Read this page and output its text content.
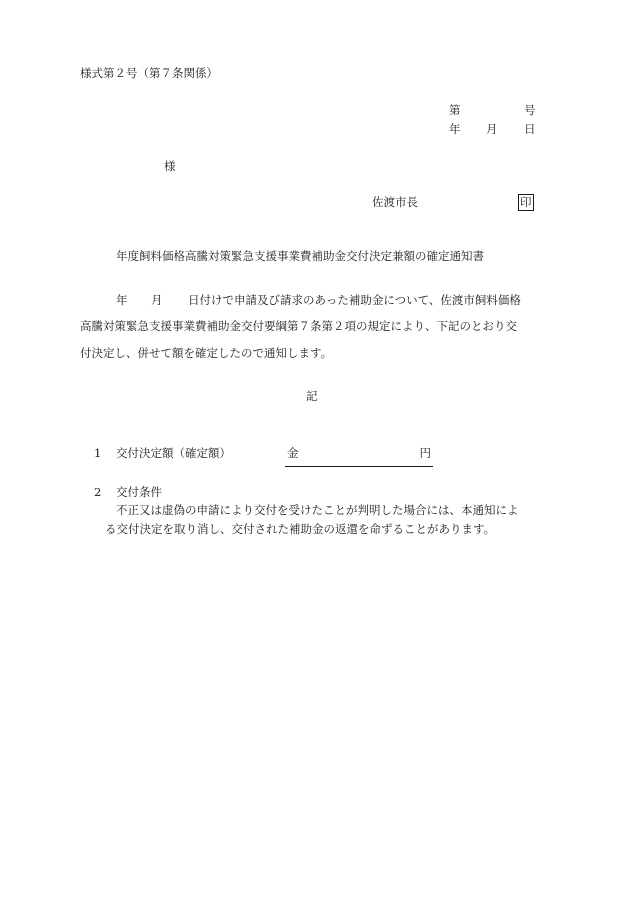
様式第２号（第７条関係）
第	号
年 月 日
様
佐渡市長	印
年度飼料価格高騰対策緊急支援事業費補助金交付決定兼額の確定通知書
年 月 日付けで申請及び請求のあった補助金について、佐渡市飼料価格
高騰対策緊急支援事業費補助金交付要綱第７条第２項の規定により、下記のとおり交
付決定し、併せて額を確定したので通知します。
記
1 交付決定額（確定額）	金	円
2 交付条件
不正又は虚偽の申請により交付を受けたことが判明した場合には、本通知によ
る交付決定を取り消し、交付された補助金の返還を命ずることがあります。
